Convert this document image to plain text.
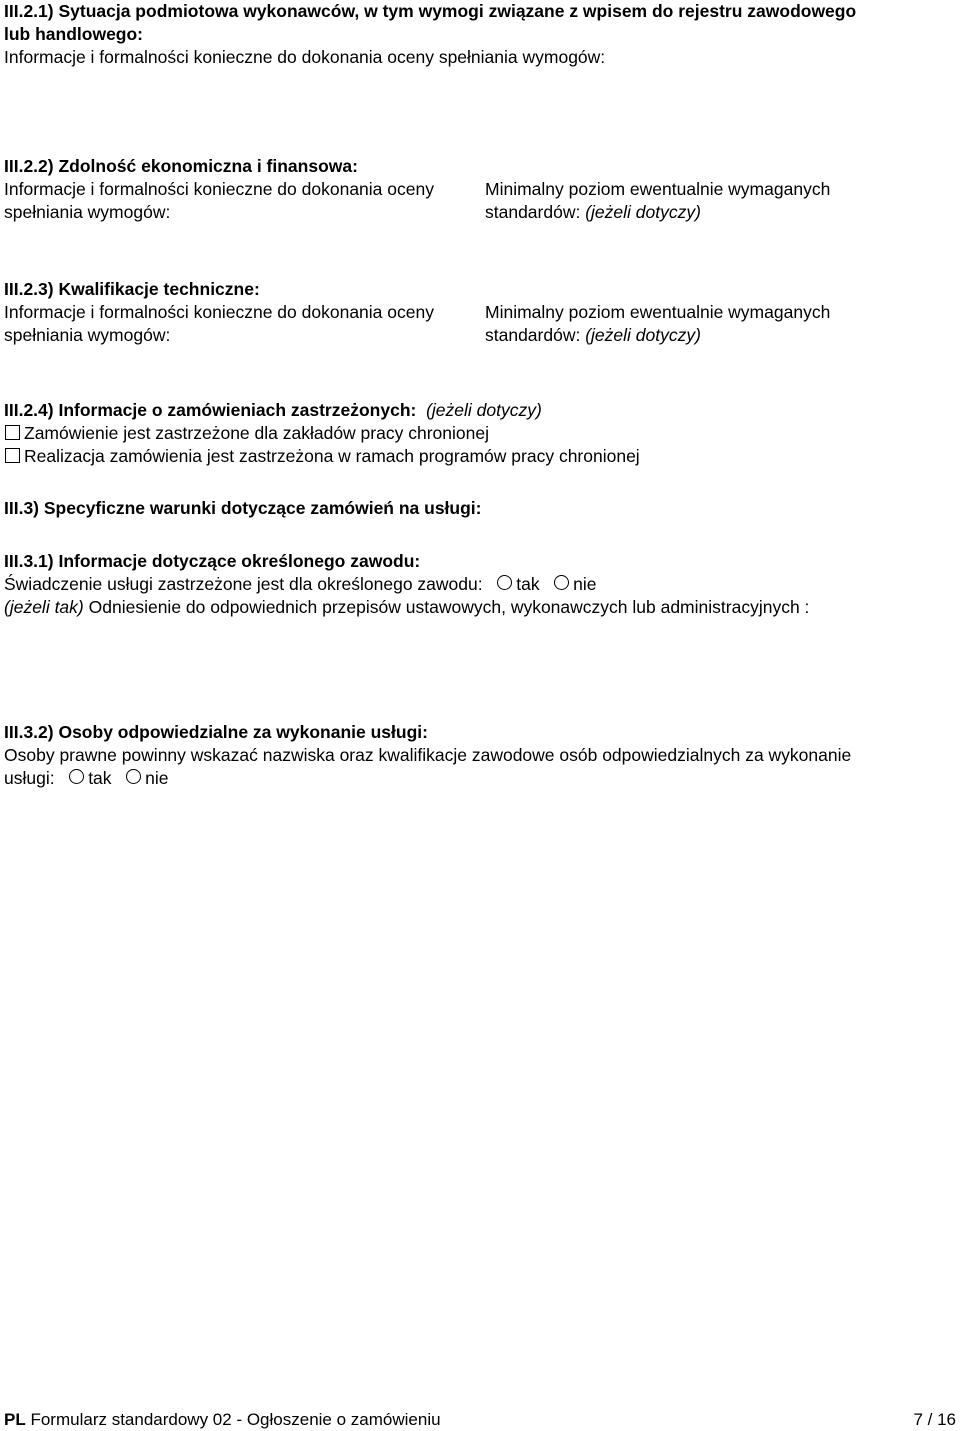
III.2.1) Sytuacja podmiotowa wykonawców, w tym wymogi związane z wpisem do rejestru zawodowego
lub handlowego:
Informacje i formalności konieczne do dokonania oceny spełniania wymogów:
III.2.2) Zdolność ekonomiczna i finansowa:
Informacje i formalności konieczne do dokonania oceny	Minimalny poziom ewentualnie wymaganych
spełniania wymogów:	standardów: (jeżeli dotyczy)
III.2.3) Kwalifikacje techniczne:
Informacje i formalności konieczne do dokonania oceny	Minimalny poziom ewentualnie wymaganych
spełniania wymogów:	standardów: (jeżeli dotyczy)
III.2.4) Informacje o zamówieniach zastrzeżonych: (jeżeli dotyczy)
Zamówienie jest zastrzeżone dla zakładów pracy chronionej
Realizacja zamówienia jest zastrzeżona w ramach programów pracy chronionej
III.3) Specyficzne warunki dotyczące zamówień na usługi:
III.3.1) Informacje dotyczące określonego zawodu:
Świadczenie usługi zastrzeżone jest dla określonego zawodu: tak nie
(jeżeli tak) Odniesienie do odpowiednich przepisów ustawowych, wykonawczych lub administracyjnych :
III.3.2) Osoby odpowiedzialne za wykonanie usługi:
Osoby prawne powinny wskazać nazwiska oraz kwalifikacje zawodowe osób odpowiedzialnych za wykonanie
usługi: tak nie
PL Formularz standardowy 02 - Ogłoszenie o zamówieniu	7 / 16
